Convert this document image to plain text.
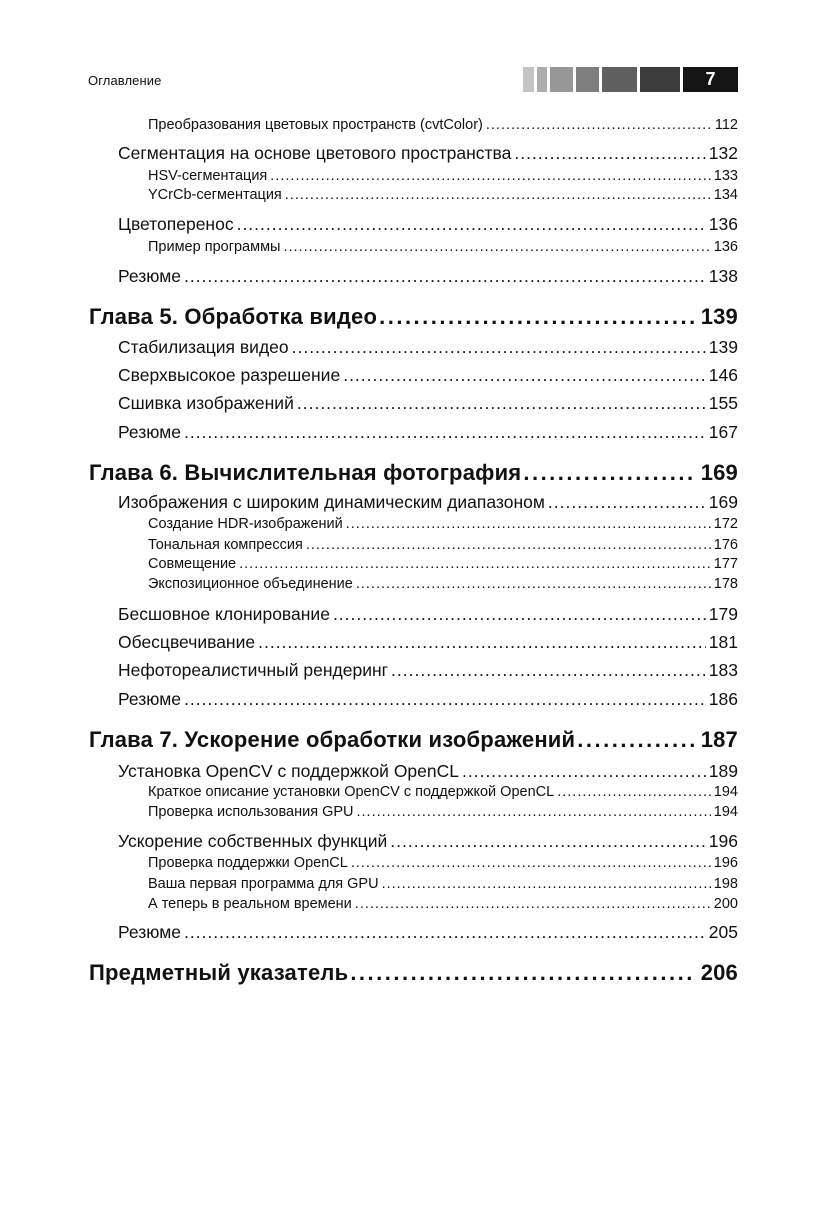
Оглавление	7
Преобразования цветовых пространств (cvtColor) .....	112
Сегментация на основе цветового пространства .....	132
HSV-сегментация .....	133
YCrCb-сегментация .....	134
Цветоперенос .....	136
Пример программы .....	136
Резюме .....	138
Глава 5. Обработка видео .....	139
Стабилизация видео .....	139
Сверхвысокое разрешение .....	146
Сшивка изображений .....	155
Резюме .....	167
Глава 6. Вычислительная фотография .....	169
Изображения с широким динамическим диапазоном .....	169
Создание HDR-изображений .....	172
Тональная компрессия .....	176
Совмещение .....	177
Экспозиционное объединение .....	178
Бесшовное клонирование .....	179
Обесцвечивание .....	181
Нефотореалистичный рендеринг .....	183
Резюме .....	186
Глава 7. Ускорение обработки изображений .....	187
Установка OpenCV с поддержкой OpenCL .....	189
Краткое описание установки OpenCV с поддержкой OpenCL .....	194
Проверка использования GPU .....	194
Ускорение собственных функций .....	196
Проверка поддержки OpenCL .....	196
Ваша первая программа для GPU .....	198
А теперь в реальном времени .....	200
Резюме .....	205
Предметный указатель .....	206
